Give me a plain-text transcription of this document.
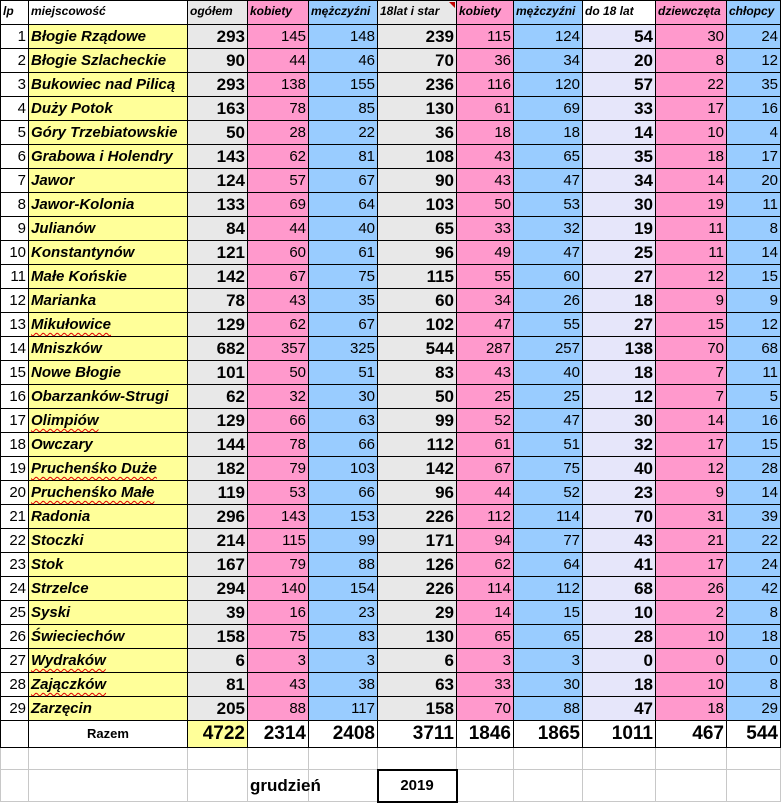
lp	miejscowość	ogółem	kobiety	mężczyźni	18lat i star	kobiety	mężczyźni	do 18 lat	dziewczęta	chłopcy
1	Błogie Rządowe	293	145	148	239	115	124	54	30	24
2	Błogie Szlacheckie	90	44	46	70	36	34	20	8	12
3	Bukowiec nad Pilicą	293	138	155	236	116	120	57	22	35
4	Duży Potok	163	78	85	130	61	69	33	17	16
5	Góry Trzebiatowskie	50	28	22	36	18	18	14	10	4
6	Grabowa i Holendry	143	62	81	108	43	65	35	18	17
7	Jawor	124	57	67	90	43	47	34	14	20
8	Jawor-Kolonia	133	69	64	103	50	53	30	19	11
9	Julianów	84	44	40	65	33	32	19	11	8
10	Konstantynów	121	60	61	96	49	47	25	11	14
11	Małe Końskie	142	67	75	115	55	60	27	12	15
12	Marianka	78	43	35	60	34	26	18	9	9
13	Mikułowice	129	62	67	102	47	55	27	15	12
14	Mniszków	682	357	325	544	287	257	138	70	68
15	Nowe Błogie	101	50	51	83	43	40	18	7	11
16	Obarzanków-Strugi	62	32	30	50	25	25	12	7	5
17	Olimpiów	129	66	63	99	52	47	30	14	16
18	Owczary	144	78	66	112	61	51	32	17	15
19	Pruchenśko Duże	182	79	103	142	67	75	40	12	28
20	Pruchenśko Małe	119	53	66	96	44	52	23	9	14
21	Radonia	296	143	153	226	112	114	70	31	39
22	Stoczki	214	115	99	171	94	77	43	21	22
23	Stok	167	79	88	126	62	64	41	17	24
24	Strzelce	294	140	154	226	114	112	68	26	42
25	Syski	39	16	23	29	14	15	10	2	8
26	Świeciechów	158	75	83	130	65	65	28	10	18
27	Wydraków	6	3	3	6	3	3	0	0	0
28	Zajączków	81	43	38	63	33	30	18	10	8
29	Zarzęcin	205	88	117	158	70	88	47	18	29
	Razem	4722	2314	2408	3711	1846	1865	1011	467	544

			grudzień		2019					
